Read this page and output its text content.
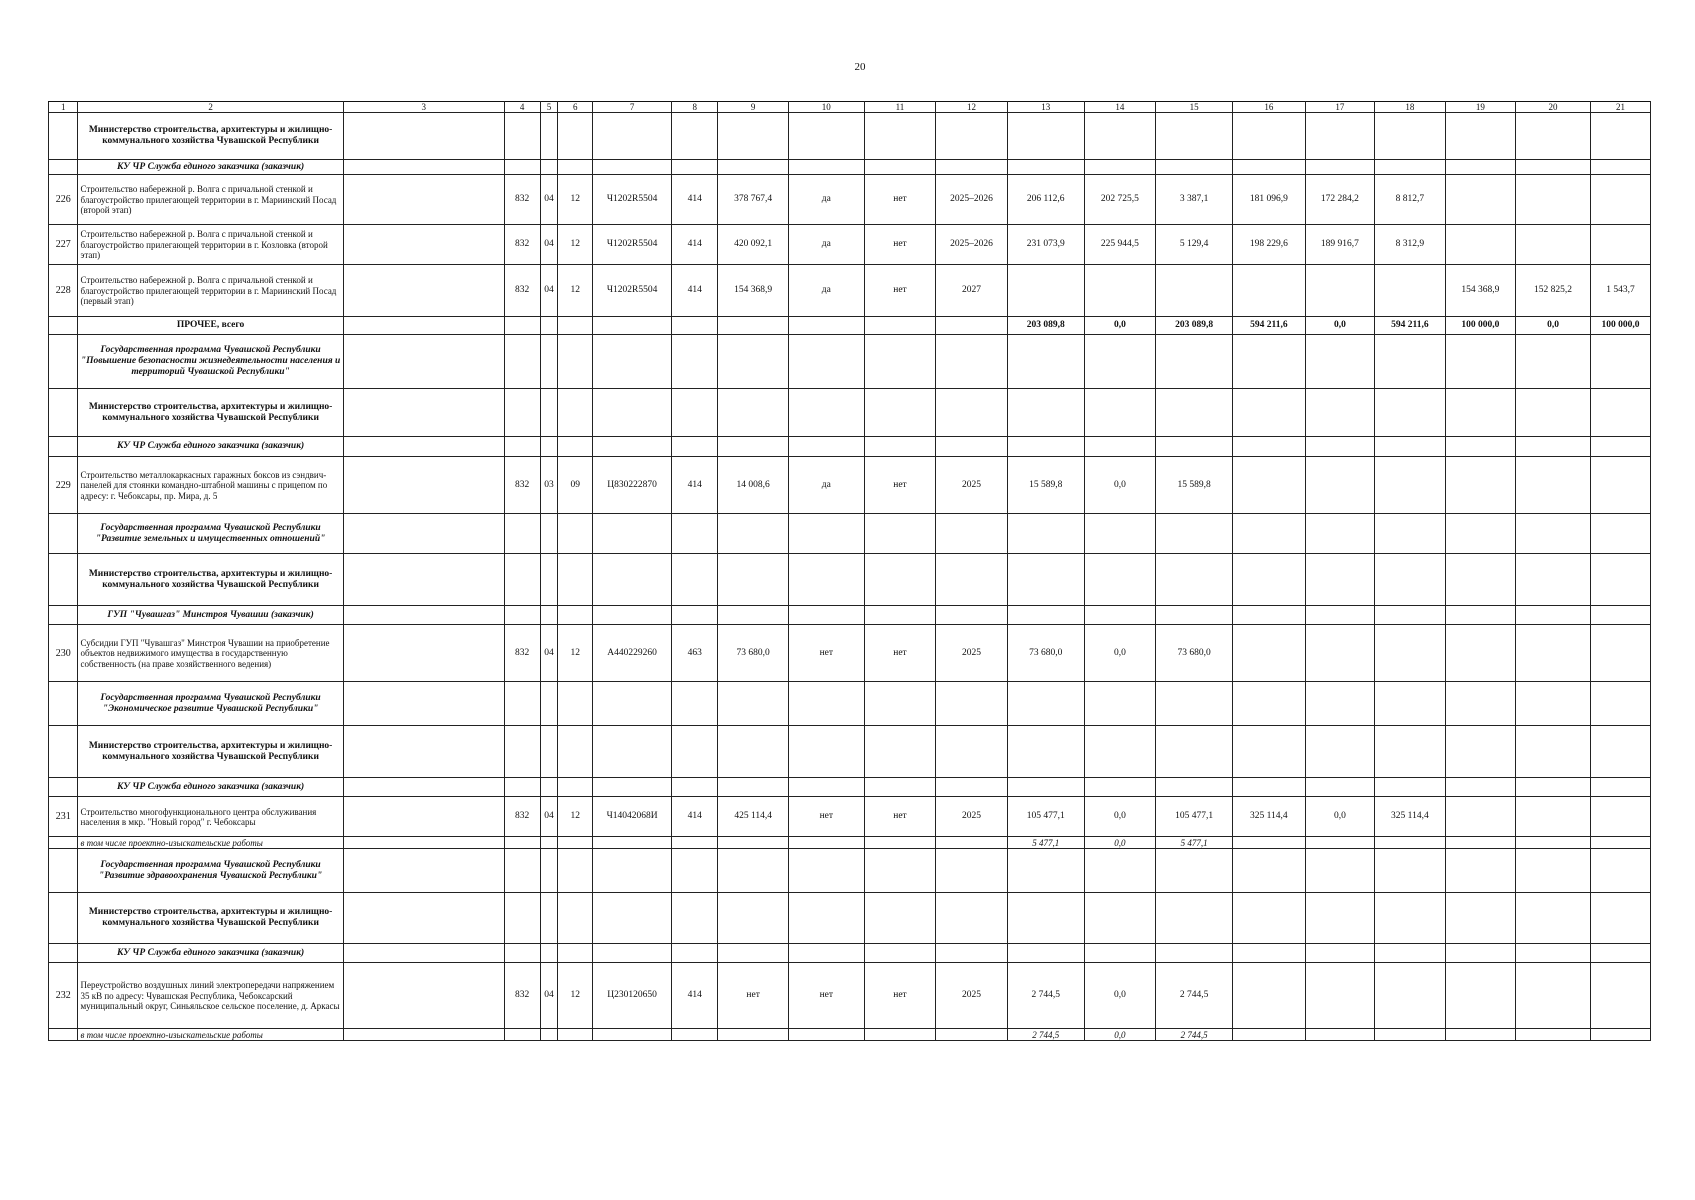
20
1	2	3	4	5	6	7	8	9	10	11	12	13	14	15	16	17	18	19	20	21
	Министерство строительства, архитектуры и жилищно-коммунального хозяйства Чувашской Республики																			
	КУ ЧР Служба единого заказчика (заказчик)																			
226	Строительство набережной р. Волга с причальной стенкой и благоустройство прилегающей территории в г. Мариинский Посад (второй этап)		832	04	12	Ч1202R5504	414	378 767,4	да	нет	2025–2026	206 112,6	202 725,5	3 387,1	181 096,9	172 284,2	8 812,7			
227	Строительство набережной р. Волга с причальной стенкой и благоустройство прилегающей территории в г. Козловка (второй этап)		832	04	12	Ч1202R5504	414	420 092,1	да	нет	2025–2026	231 073,9	225 944,5	5 129,4	198 229,6	189 916,7	8 312,9			
228	Строительство набережной р. Волга с причальной стенкой и благоустройство прилегающей территории в г. Мариинский Посад (первый этап)		832	04	12	Ч1202R5504	414	154 368,9	да	нет	2027							154 368,9	152 825,2	1 543,7
	ПРОЧЕЕ, всего											203 089,8	0,0	203 089,8	594 211,6	0,0	594 211,6	100 000,0	0,0	100 000,0
	Государственная программа Чувашской Республики "Повышение безопасности жизнедеятельности населения и территорий Чувашской Республики"																			
	Министерство строительства, архитектуры и жилищно-коммунального хозяйства Чувашской Республики																			
	КУ ЧР Служба единого заказчика (заказчик)																			
229	Строительство металлокаркасных гаражных боксов из сэндвич-панелей для стоянки командно-штабной машины с прицепом по адресу: г. Чебоксары, пр. Мира, д. 5		832	03	09	Ц830222870	414	14 008,6	да	нет	2025	15 589,8	0,0	15 589,8						
	Государственная программа Чувашской Республики "Развитие земельных и имущественных отношений"																			
	Министерство строительства, архитектуры и жилищно-коммунального хозяйства Чувашской Республики																			
	ГУП "Чувашгаз" Минстроя Чувашии (заказчик)																			
230	Субсидии ГУП "Чувашгаз" Минстроя Чувашии на приобретение объектов недвижимого имущества в государственную собственность (на праве хозяйственного ведения)		832	04	12	А440229260	463	73 680,0	нет	нет	2025	73 680,0	0,0	73 680,0						
	Государственная программа Чувашской Республики "Экономическое развитие Чувашской Республики"																			
	Министерство строительства, архитектуры и жилищно-коммунального хозяйства Чувашской Республики																			
	КУ ЧР Служба единого заказчика (заказчик)																			
231	Строительство многофункционального центра обслуживания населения в мкр. "Новый город" г. Чебоксары		832	04	12	Ч14042068И	414	425 114,4	нет	нет	2025	105 477,1	0,0	105 477,1	325 114,4	0,0	325 114,4			
	в том числе проектно-изыскательские работы											5 477,1	0,0	5 477,1						
	Государственная программа Чувашской Республики "Развитие здравоохранения Чувашской Республики"																			
	Министерство строительства, архитектуры и жилищно-коммунального хозяйства Чувашской Республики																			
	КУ ЧР Служба единого заказчика (заказчик)																			
232	Переустройство воздушных линий электропередачи напряжением 35 кВ по адресу: Чувашская Республика, Чебоксарский муниципальный округ, Синьяльское сельское поселение, д. Аркасы		832	04	12	Ц230120650	414	нет	нет	нет	2025	2 744,5	0,0	2 744,5						
	в том числе проектно-изыскательские работы											2 744,5	0,0	2 744,5						
